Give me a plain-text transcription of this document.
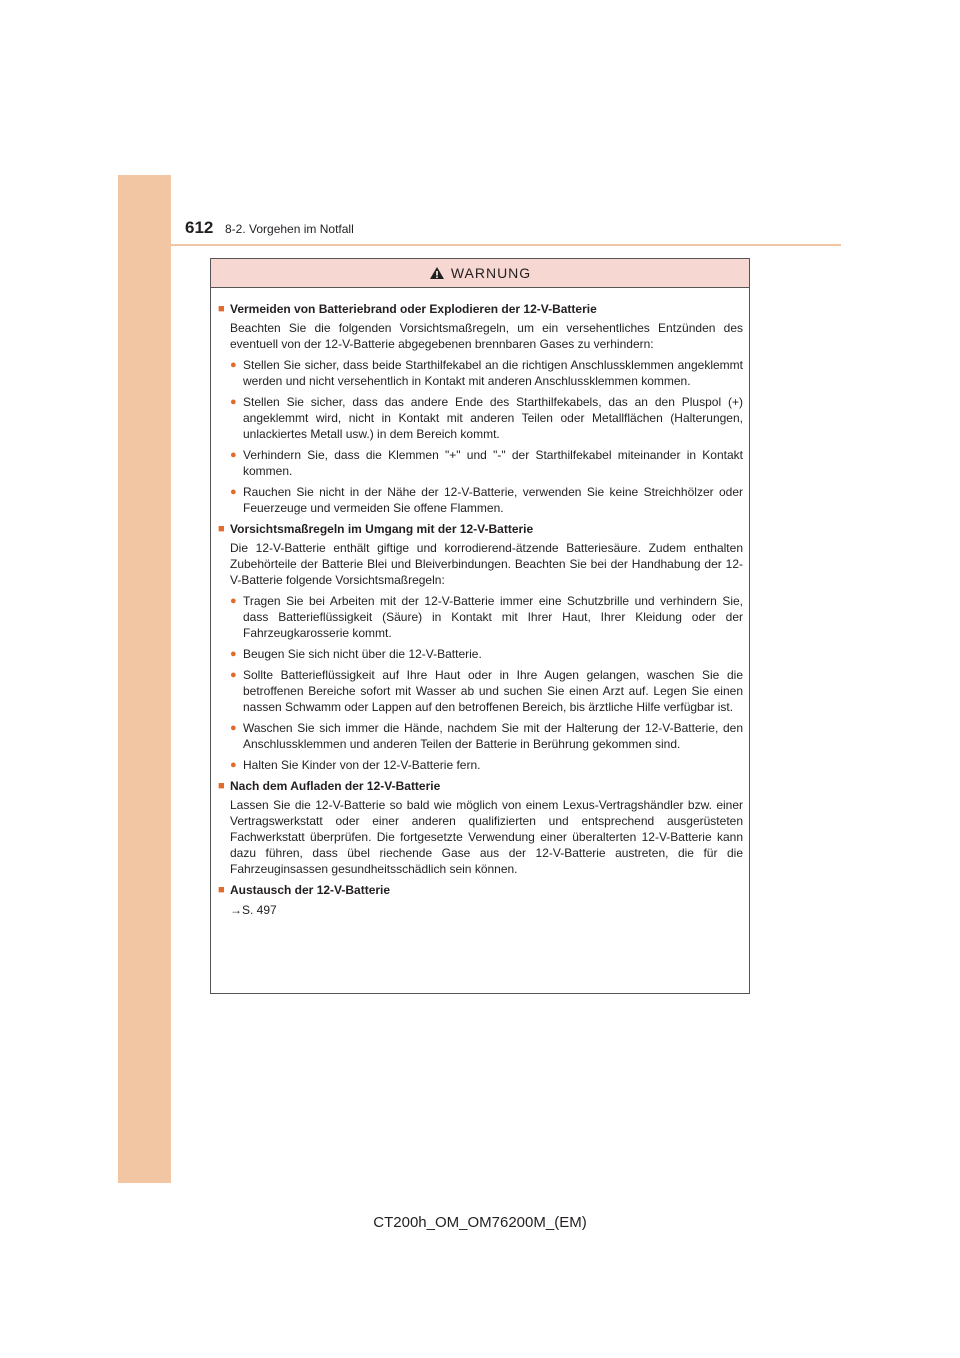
612 8-2. Vorgehen im Notfall
WARNUNG
■ Vermeiden von Batteriebrand oder Explodieren der 12-V-Batterie
Beachten Sie die folgenden Vorsichtsmaßregeln, um ein versehentliches Entzünden des eventuell von der 12-V-Batterie abgegebenen brennbaren Gases zu verhindern:
● Stellen Sie sicher, dass beide Starthilfekabel an die richtigen Anschlussklemmen angeklemmt werden und nicht versehentlich in Kontakt mit anderen Anschlussklemmen kommen.
● Stellen Sie sicher, dass das andere Ende des Starthilfekabels, das an den Pluspol (+) angeklemmt wird, nicht in Kontakt mit anderen Teilen oder Metallflächen (Halterungen, unlackiertes Metall usw.) in dem Bereich kommt.
● Verhindern Sie, dass die Klemmen "+" und "-" der Starthilfekabel miteinander in Kontakt kommen.
● Rauchen Sie nicht in der Nähe der 12-V-Batterie, verwenden Sie keine Streichhölzer oder Feuerzeuge und vermeiden Sie offene Flammen.
■ Vorsichtsmaßregeln im Umgang mit der 12-V-Batterie
Die 12-V-Batterie enthält giftige und korrodierend-ätzende Batteriesäure. Zudem enthalten Zubehörteile der Batterie Blei und Bleiverbindungen. Beachten Sie bei der Handhabung der 12-V-Batterie folgende Vorsichtsmaßregeln:
● Tragen Sie bei Arbeiten mit der 12-V-Batterie immer eine Schutzbrille und verhindern Sie, dass Batterieflüssigkeit (Säure) in Kontakt mit Ihrer Haut, Ihrer Kleidung oder der Fahrzeugkarosserie kommt.
● Beugen Sie sich nicht über die 12-V-Batterie.
● Sollte Batterieflüssigkeit auf Ihre Haut oder in Ihre Augen gelangen, waschen Sie die betroffenen Bereiche sofort mit Wasser ab und suchen Sie einen Arzt auf. Legen Sie einen nassen Schwamm oder Lappen auf den betroffenen Bereich, bis ärztliche Hilfe verfügbar ist.
● Waschen Sie sich immer die Hände, nachdem Sie mit der Halterung der 12-V-Batterie, den Anschlussklemmen und anderen Teilen der Batterie in Berührung gekommen sind.
● Halten Sie Kinder von der 12-V-Batterie fern.
■ Nach dem Aufladen der 12-V-Batterie
Lassen Sie die 12-V-Batterie so bald wie möglich von einem Lexus-Vertragshändler bzw. einer Vertragswerkstatt oder einer anderen qualifizierten und entsprechend ausgerüsteten Fachwerkstatt überprüfen. Die fortgesetzte Verwendung einer überalterten 12-V-Batterie kann dazu führen, dass übel riechende Gase aus der 12-V-Batterie austreten, die für die Fahrzeuginsassen gesundheitsschädlich sein können.
■ Austausch der 12-V-Batterie
→S. 497
CT200h_OM_OM76200M_(EM)
